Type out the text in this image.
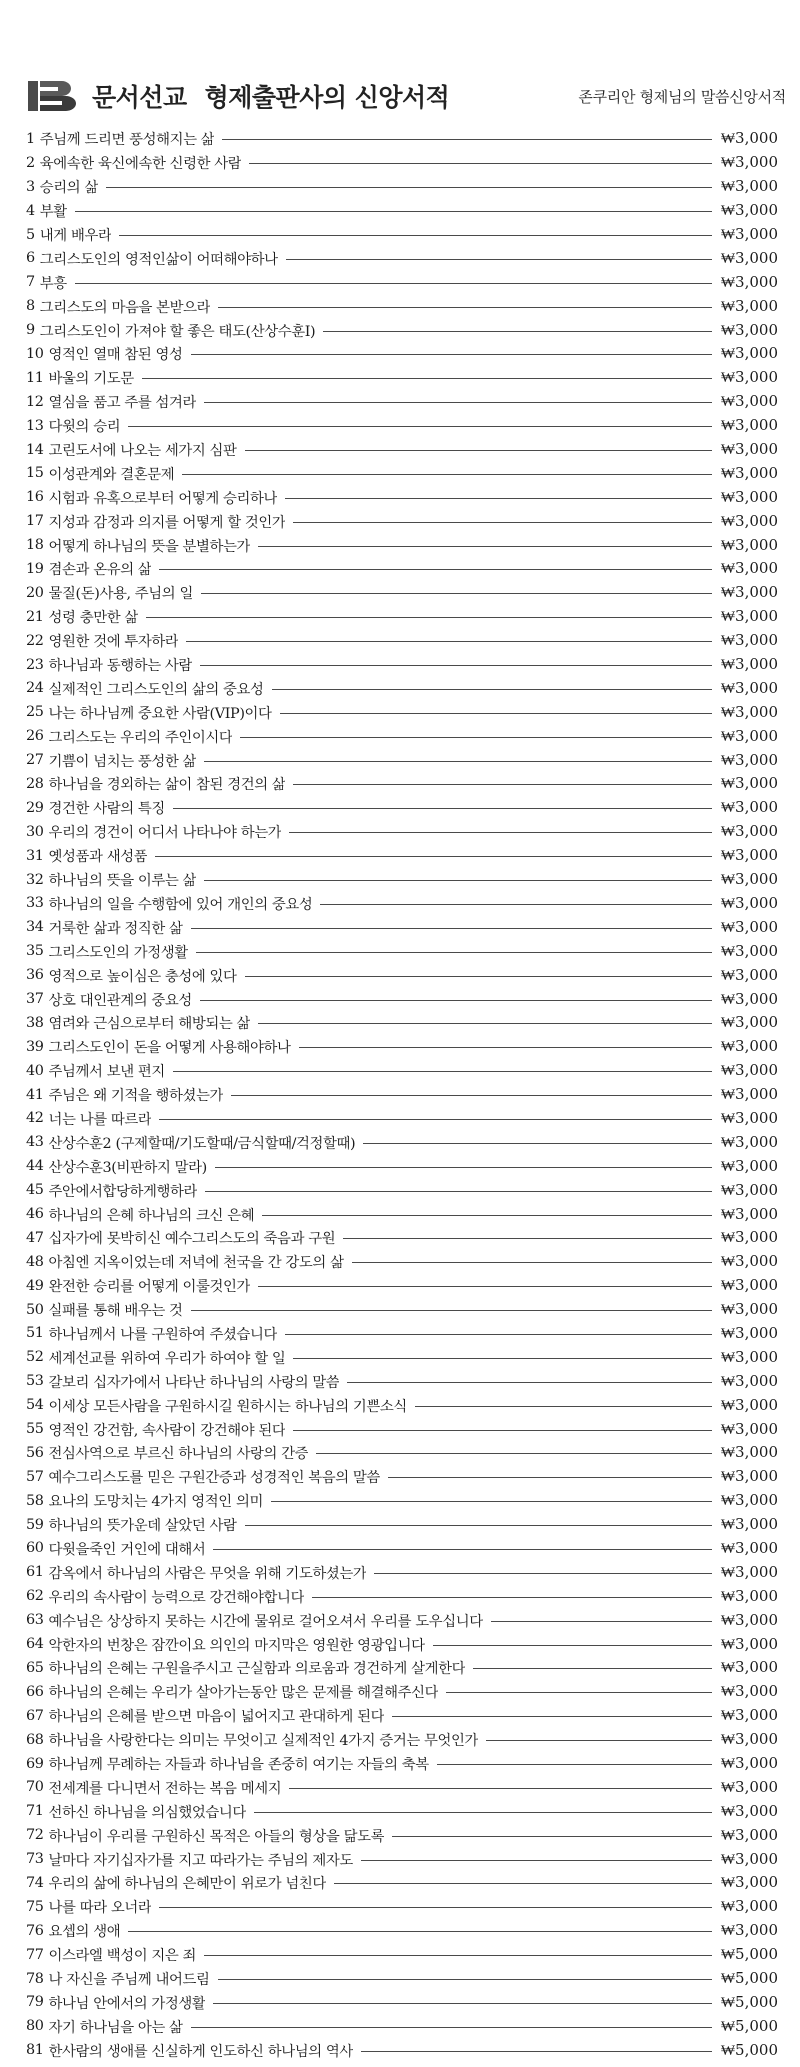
문서선교 형제출판사의 신앙서적	존쿠리안 형제님의 말씀신앙서적
1 주님께 드리면 풍성해지는 삶	₩3,000
2 육에속한 육신에속한 신령한 사람	₩3,000
3 승리의 삶	₩3,000
4 부활	₩3,000
5 내게 배우라	₩3,000
6 그리스도인의 영적인삶이 어떠해야하나	₩3,000
7 부흥	₩3,000
8 그리스도의 마음을 본받으라	₩3,000
9 그리스도인이 가져야 할 좋은 태도(산상수훈Ⅰ)	₩3,000
10 영적인 열매 참된 영성	₩3,000
11 바울의 기도문	₩3,000
12 열심을 품고 주를 섬겨라	₩3,000
13 다윗의 승리	₩3,000
14 고린도서에 나오는 세가지 심판	₩3,000
15 이성관계와 결혼문제	₩3,000
16 시험과 유혹으로부터 어떻게 승리하나	₩3,000
17 지성과 감정과 의지를 어떻게 할 것인가	₩3,000
18 어떻게 하나님의 뜻을 분별하는가	₩3,000
19 겸손과 온유의 삶	₩3,000
20 물질(돈)사용, 주님의 일	₩3,000
21 성령 충만한 삶	₩3,000
22 영원한 것에 투자하라	₩3,000
23 하나님과 동행하는 사람	₩3,000
24 실제적인 그리스도인의 삶의 중요성	₩3,000
25 나는 하나님께 중요한 사람(VIP)이다	₩3,000
26 그리스도는 우리의 주인이시다	₩3,000
27 기쁨이 넘치는 풍성한 삶	₩3,000
28 하나님을 경외하는 삶이 참된 경건의 삶	₩3,000
29 경건한 사람의 특징	₩3,000
30 우리의 경건이 어디서 나타나야 하는가	₩3,000
31 옛성품과 새성품	₩3,000
32 하나님의 뜻을 이루는 삶	₩3,000
33 하나님의 일을 수행함에 있어 개인의 중요성	₩3,000
34 거룩한 삶과 정직한 삶	₩3,000
35 그리스도인의 가정생활	₩3,000
36 영적으로 높이심은 충성에 있다	₩3,000
37 상호 대인관계의 중요성	₩3,000
38 염려와 근심으로부터 해방되는 삶	₩3,000
39 그리스도인이 돈을 어떻게 사용해야하나	₩3,000
40 주님께서 보낸 편지	₩3,000
41 주님은 왜 기적을 행하셨는가	₩3,000
42 너는 나를 따르라	₩3,000
43 산상수훈2 (구제할때/기도할때/금식할때/걱정할때)	₩3,000
44 산상수훈3(비판하지 말라)	₩3,000
45 주안에서합당하게행하라	₩3,000
46 하나님의 은혜 하나님의 크신 은혜	₩3,000
47 십자가에 못박히신 예수그리스도의 죽음과 구원	₩3,000
48 아침엔 지옥이었는데 저녁에 천국을 간 강도의 삶	₩3,000
49 완전한 승리를 어떻게 이룰것인가	₩3,000
50 실패를 통해 배우는 것	₩3,000
51 하나님께서 나를 구원하여 주셨습니다	₩3,000
52 세계선교를 위하여 우리가 하여야 할 일	₩3,000
53 갈보리 십자가에서 나타난 하나님의 사랑의 말씀	₩3,000
54 이세상 모든사람을 구원하시길 원하시는 하나님의 기쁜소식	₩3,000
55 영적인 강건함, 속사람이 강건해야 된다	₩3,000
56 전심사역으로 부르신 하나님의 사랑의 간증	₩3,000
57 예수그리스도를 믿은 구원간증과 성경적인 복음의 말씀	₩3,000
58 요나의 도망치는 4가지 영적인 의미	₩3,000
59 하나님의 뜻가운데 살았던 사람	₩3,000
60 다윗을죽인 거인에 대해서	₩3,000
61 감옥에서 하나님의 사람은 무엇을 위해 기도하셨는가	₩3,000
62 우리의 속사람이 능력으로 강건해야합니다	₩3,000
63 예수님은 상상하지 못하는 시간에 물위로 걸어오셔서 우리를 도우십니다	₩3,000
64 악한자의 번창은 잠깐이요 의인의 마지막은 영원한 영광입니다	₩3,000
65 하나님의 은혜는 구원을주시고 근실함과 의로움과 경건하게 살게한다	₩3,000
66 하나님의 은혜는 우리가 살아가는동안 많은 문제를 해결해주신다	₩3,000
67 하나님의 은혜를 받으면 마음이 넓어지고 관대하게 된다	₩3,000
68 하나님을 사랑한다는 의미는 무엇이고 실제적인 4가지 증거는 무엇인가	₩3,000
69 하나님께 무례하는 자들과 하나님을 존중히 여기는 자들의 축복	₩3,000
70 전세계를 다니면서 전하는 복음 메세지	₩3,000
71 선하신 하나님을 의심했었습니다	₩3,000
72 하나님이 우리를 구원하신 목적은 아들의 형상을 닮도록	₩3,000
73 날마다 자기십자가를 지고 따라가는 주님의 제자도	₩3,000
74 우리의 삶에 하나님의 은혜만이 위로가 넘친다	₩3,000
75 나를 따라 오너라	₩3,000
76 요셉의 생애	₩3,000
77 이스라엘 백성이 지은 죄	₩5,000
78 나 자신을 주님께 내어드림	₩5,000
79 하나님 안에서의 가정생활	₩5,000
80 자기 하나님을 아는 삶	₩5,000
81 한사람의 생애를 신실하게 인도하신 하나님의 역사	₩5,000
